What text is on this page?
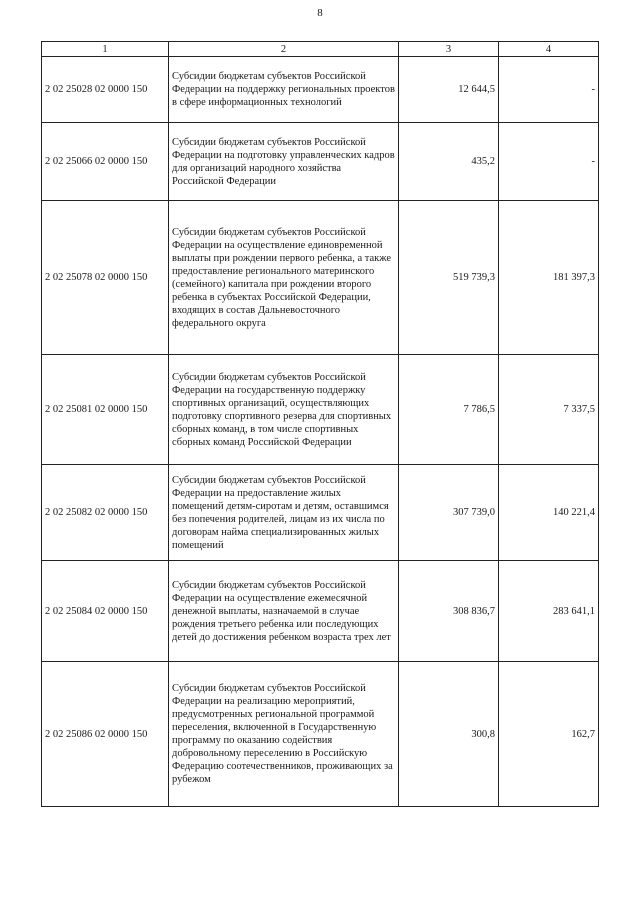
8
1	2	3	4
2 02 25028 02 0000 150	Субсидии бюджетам субъектов Российской Федерации на поддержку региональных проектов в сфере информационных технологий	12 644,5	-
2 02 25066 02 0000 150	Субсидии бюджетам субъектов Российской Федерации на подготовку управленческих кадров для организаций народного хозяйства Российской Федерации	435,2	-
2 02 25078 02 0000 150	Субсидии бюджетам субъектов Российской Федерации на осуществление единовременной выплаты при рождении первого ребенка, а также предоставление регионального материнского (семейного) капитала при рождении второго ребенка в субъектах Российской Федерации, входящих в состав Дальневосточного федерального округа	519 739,3	181 397,3
2 02 25081 02 0000 150	Субсидии бюджетам субъектов Российской Федерации на государственную поддержку спортивных организаций, осуществляющих подготовку спортивного резерва для спортивных сборных команд, в том числе спортивных сборных команд Российской Федерации	7 786,5	7 337,5
2 02 25082 02 0000 150	Субсидии бюджетам субъектов Российской Федерации на предоставление жилых помещений детям-сиротам и детям, оставшимся без попечения родителей, лицам из их числа по договорам найма специализированных жилых помещений	307 739,0	140 221,4
2 02 25084 02 0000 150	Субсидии бюджетам субъектов Российской Федерации на осуществление ежемесячной денежной выплаты, назначаемой в случае рождения третьего ребенка или последующих детей до достижения ребенком возраста трех лет	308 836,7	283 641,1
2 02 25086 02 0000 150	Субсидии бюджетам субъектов Российской Федерации на реализацию мероприятий, предусмотренных региональной программой переселения, включенной в Государственную программу по оказанию содействия добровольному переселению в Российскую Федерацию соотечественников, проживающих за рубежом	300,8	162,7
